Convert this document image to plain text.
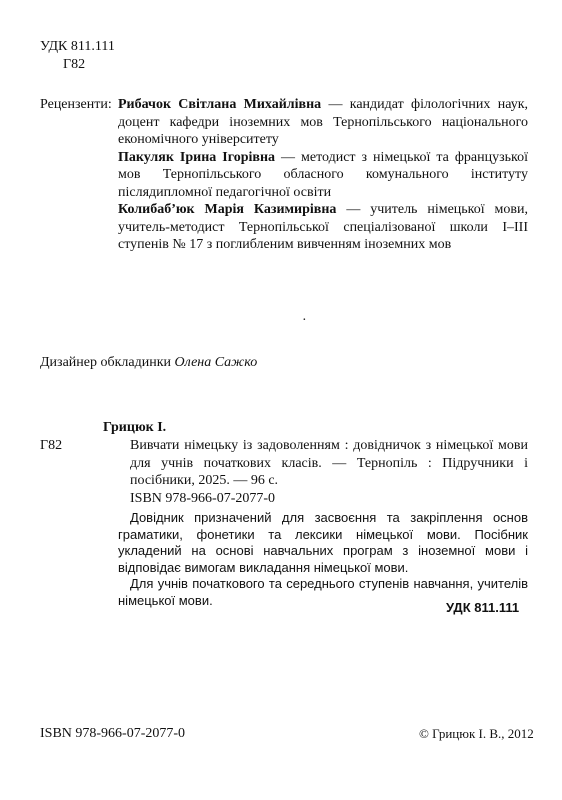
УДК 811.111
Г82
Рецензенти: Рибачок Світлана Михайлівна — кандидат філологічних наук, доцент кафедри іноземних мов Тернопільського національного економічного університету
Пакуляк Ірина Ігорівна — методист з німецької та французької мов Тернопільського обласного комунального інституту післядипломної педагогічної освіти
Колибаб’юк Марія Казимирівна — учитель німецької мови, учитель-методист Тернопільської спеціалізованої школи І–ІІІ ступенів № 17 з поглибленим вивченням іноземних мов
·
Дизайнер обкладинки Олена Сажко
Грицюк І.
Г82	Вивчати німецьку із задоволенням : довідничок з німецької мови для учнів початкових класів. — Тернопіль : Підручники і посібники, 2025. — 96 с.
ISBN 978-966-07-2077-0

Довідник призначений для засвоєння та закріплення основ граматики, фонетики та лексики німецької мови. Посібник укладений на основі навчальних програм з іноземної мови і відповідає вимогам викладання німецької мови.

Для учнів початкового та середнього ступенів навчання, учителів німецької мови.	УДК 811.111
ISBN 978-966-07-2077-0	© Грицюк І. В., 2012
